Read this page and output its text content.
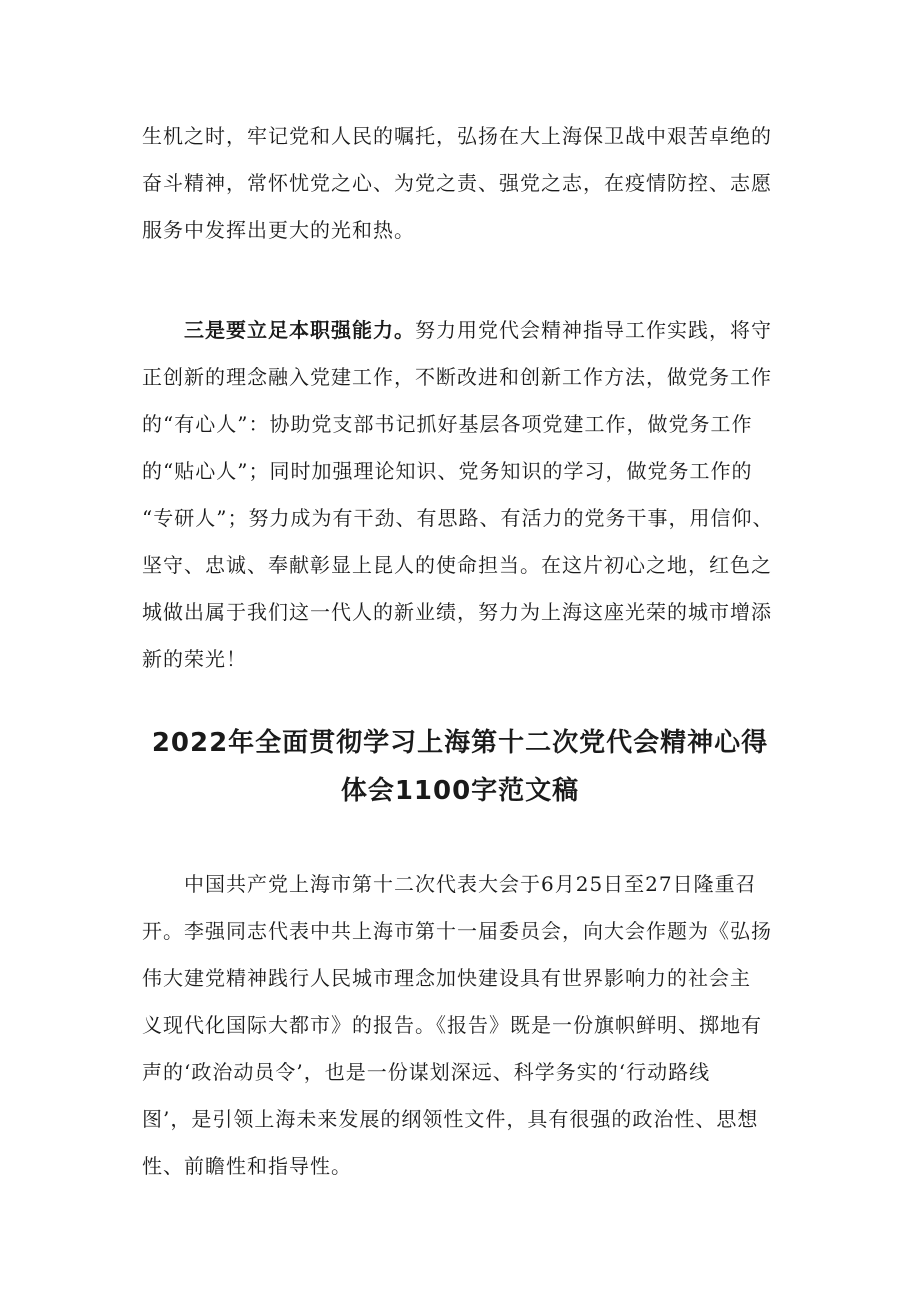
生机之时，牢记党和人民的嘱托，弘扬在大上海保卫战中艰苦卓绝的
奋斗精神，常怀忧党之心、为党之责、强党之志，在疫情防控、志愿
服务中发挥出更大的光和热。
三是要立足本职强能力。努力用党代会精神指导工作实践，将守
正创新的理念融入党建工作，不断改进和创新工作方法，做党务工作
的“有心人”：协助党支部书记抓好基层各项党建工作，做党务工作
的“贴心人”；同时加强理论知识、党务知识的学习，做党务工作的
“专研人”；努力成为有干劲、有思路、有活力的党务干事，用信仰、
坚守、忠诚、奉献彰显上昆人的使命担当。在这片初心之地，红色之
城做出属于我们这一代人的新业绩，努力为上海这座光荣的城市增添
新的荣光！
2022年全面贯彻学习上海第十二次党代会精神心得
体会1100字范文稿
中国共产党上海市第十二次代表大会于6月25日至27日隆重召
开。李强同志代表中共上海市第十一届委员会，向大会作题为《弘扬
伟大建党精神践行人民城市理念加快建设具有世界影响力的社会主
义现代化国际大都市》的报告。《报告》既是一份旗帜鲜明、掷地有
声的‘政治动员令’，也是一份谋划深远、科学务实的‘行动路线
图’，是引领上海未来发展的纲领性文件，具有很强的政治性、思想
性、前瞻性和指导性。
